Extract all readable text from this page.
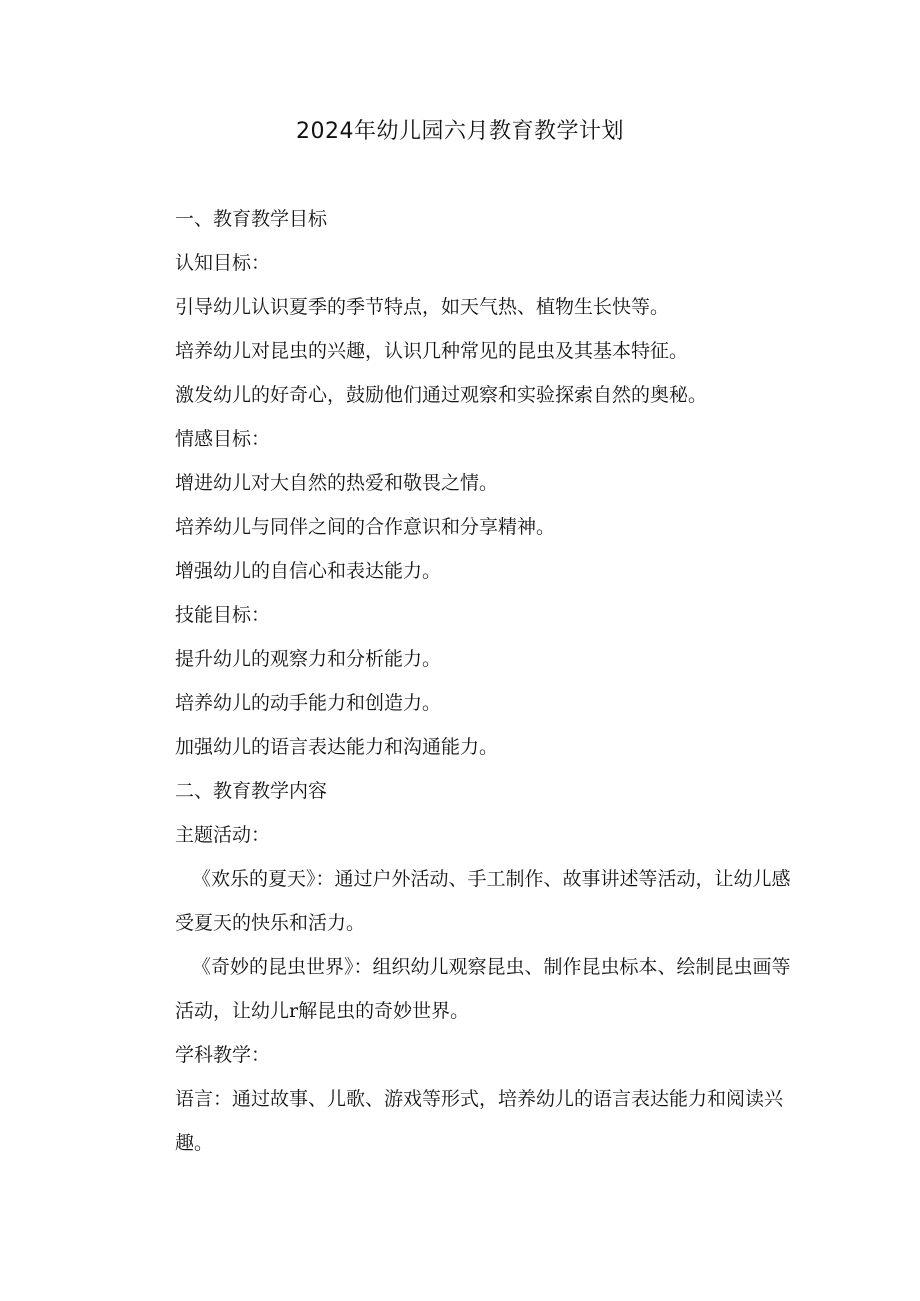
2024年幼儿园六月教育教学计划

一、教育教学目标

认知目标：

引导幼儿认识夏季的季节特点，如天气热、植物生长快等。

培养幼儿对昆虫的兴趣，认识几种常见的昆虫及其基本特征。

激发幼儿的好奇心，鼓励他们通过观察和实验探索自然的奥秘。

情感目标：

增进幼儿对大自然的热爱和敬畏之情。

培养幼儿与同伴之间的合作意识和分享精神。

增强幼儿的自信心和表达能力。

技能目标：

提升幼儿的观察力和分析能力。

培养幼儿的动手能力和创造力。

加强幼儿的语言表达能力和沟通能力。

二、教育教学内容

主题活动：

《欢乐的夏天》：通过户外活动、手工制作、故事讲述等活动，让幼儿感受夏天的快乐和活力。

《奇妙的昆虫世界》：组织幼儿观察昆虫、制作昆虫标本、绘制昆虫画等活动，让幼儿r解昆虫的奇妙世界。

学科教学：

语言：通过故事、儿歌、游戏等形式，培养幼儿的语言表达能力和阅读兴趣。
